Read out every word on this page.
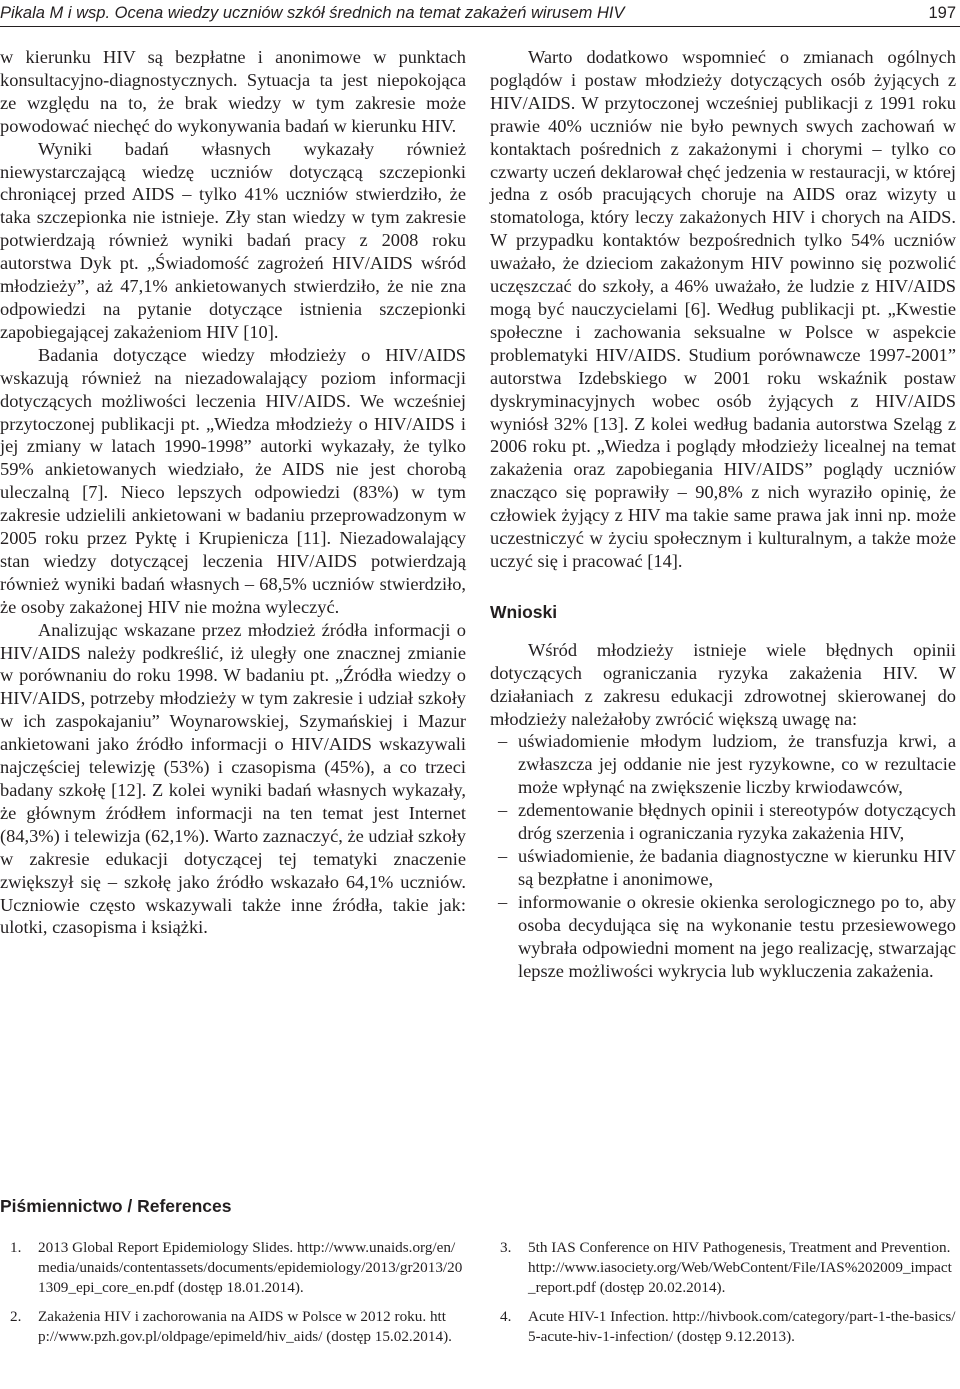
Pikala M i wsp. Ocena wiedzy uczniów szkół średnich na temat zakażeń wirusem HIV	197

w kierunku HIV są bezpłatne i anonimowe w punktach konsultacyjno-diagnostycznych. Sytuacja ta jest niepokojąca ze względu na to, że brak wiedzy w tym zakresie może powodować niechęć do wykonywania badań w kierunku HIV.

Wyniki badań własnych wykazały również niewystarczającą wiedzę uczniów dotyczącą szczepionki chroniącej przed AIDS – tylko 41% uczniów stwierdziło, że taka szczepionka nie istnieje. Zły stan wiedzy w tym zakresie potwierdzają również wyniki badań pracy z 2008 roku autorstwa Dyk pt. „Świadomość zagrożeń HIV/AIDS wśród młodzieży”, aż 47,1% ankietowanych stwierdziło, że nie zna odpowiedzi na pytanie dotyczące istnienia szczepionki zapobiegającej zakażeniom HIV [10].

Badania dotyczące wiedzy młodzieży o HIV/AIDS wskazują również na niezadowalający poziom informacji dotyczących możliwości leczenia HIV/AIDS. We wcześniej przytoczonej publikacji pt. „Wiedza młodzieży o HIV/AIDS i jej zmiany w latach 1990-1998” autorki wykazały, że tylko 59% ankietowanych wiedziało, że AIDS nie jest chorobą uleczalną [7]. Nieco lepszych odpowiedzi (83%) w tym zakresie udzielili ankietowani w badaniu przeprowadzonym w 2005 roku przez Pyktę i Krupienicza [11]. Niezadowalający stan wiedzy dotyczącej leczenia HIV/AIDS potwierdzają również wyniki badań własnych – 68,5% uczniów stwierdziło, że osoby zakażonej HIV nie można wyleczyć.

Analizując wskazane przez młodzież źródła informacji o HIV/AIDS należy podkreślić, iż uległy one znacznej zmianie w porównaniu do roku 1998. W badaniu pt. „Źródła wiedzy o HIV/AIDS, potrzeby młodzieży w tym zakresie i udział szkoły w ich zaspokajaniu” Woynarowskiej, Szymańskiej i Mazur ankietowani jako źródło informacji o HIV/AIDS wskazywali najczęściej telewizję (53%) i czasopisma (45%), a co trzeci badany szkołę [12]. Z kolei wyniki badań własnych wykazały, że głównym źródłem informacji na ten temat jest Internet (84,3%) i telewizja (62,1%). Warto zaznaczyć, że udział szkoły w zakresie edukacji dotyczącej tej tematyki znaczenie zwiększył się – szkołę jako źródło wskazało 64,1% uczniów. Uczniowie często wskazywali także inne źródła, takie jak: ulotki, czasopisma i książki.

Warto dodatkowo wspomnieć o zmianach ogólnych poglądów i postaw młodzieży dotyczących osób żyjących z HIV/AIDS. W przytoczonej wcześniej publikacji z 1991 roku prawie 40% uczniów nie było pewnych swych zachowań w kontaktach pośrednich z zakażonymi i chorymi – tylko co czwarty uczeń deklarował chęć jedzenia w restauracji, w której jedna z osób pracujących choruje na AIDS oraz wizyty u stomatologa, który leczy zakażonych HIV i chorych na AIDS. W przypadku kontaktów bezpośrednich tylko 54% uczniów uważało, że dzieciom zakażonym HIV powinno się pozwolić uczęszczać do szkoły, a 46% uważało, że ludzie z HIV/AIDS mogą być nauczycielami [6]. Według publikacji pt. „Kwestie społeczne i zachowania seksualne w Polsce w aspekcie problematyki HIV/AIDS. Studium porównawcze 1997-2001” autorstwa Izdebskiego w 2001 roku wskaźnik postaw dyskryminacyjnych wobec osób żyjących z HIV/AIDS wyniósł 32% [13]. Z kolei według badania autorstwa Szeląg z 2006 roku pt. „Wiedza i poglądy młodzieży licealnej na temat zakażenia oraz zapobiegania HIV/AIDS” poglądy uczniów znacząco się poprawiły – 90,8% z nich wyraziło opinię, że człowiek żyjący z HIV ma takie same prawa jak inni np. może uczestniczyć w życiu społecznym i kulturalnym, a także może uczyć się i pracować [14].

Wnioski

Wśród młodzieży istnieje wiele błędnych opinii dotyczących ograniczania ryzyka zakażenia HIV. W działaniach z zakresu edukacji zdrowotnej skierowanej do młodzieży należałoby zwrócić większą uwagę na:

– uświadomienie młodym ludziom, że transfuzja krwi, a zwłaszcza jej oddanie nie jest ryzykowne, co w rezultacie może wpłynąć na zwiększenie liczby krwiodawców,
– zdementowanie błędnych opinii i stereotypów dotyczących dróg szerzenia i ograniczania ryzyka zakażenia HIV,
– uświadomienie, że badania diagnostyczne w kierunku HIV są bezpłatne i anonimowe,
– informowanie o okresie okienka serologicznego po to, aby osoba decydująca się na wykonanie testu przesiewowego wybrała odpowiedni moment na jego realizację, stwarzając lepsze możliwości wykrycia lub wykluczenia zakażenia.
Piśmiennictwo / References
1. 2013 Global Report Epidemiology Slides. http://www.unaids.org/en/media/unaids/contentassets/documents/epidemiology/2013/gr2013/201309_epi_core_en.pdf (dostęp 18.01.2014).
2. Zakażenia HIV i zachorowania na AIDS w Polsce w 2012 roku. http://www.pzh.gov.pl/oldpage/epimeld/hiv_aids/ (dostęp 15.02.2014).
3. 5th IAS Conference on HIV Pathogenesis, Treatment and Prevention. http://www.iasociety.org/Web/WebContent/File/IAS%202009_impact_report.pdf (dostęp 20.02.2014).
4. Acute HIV-1 Infection. http://hivbook.com/category/part-1-the-basics/5-acute-hiv-1-infection/ (dostęp 9.12.2013).
